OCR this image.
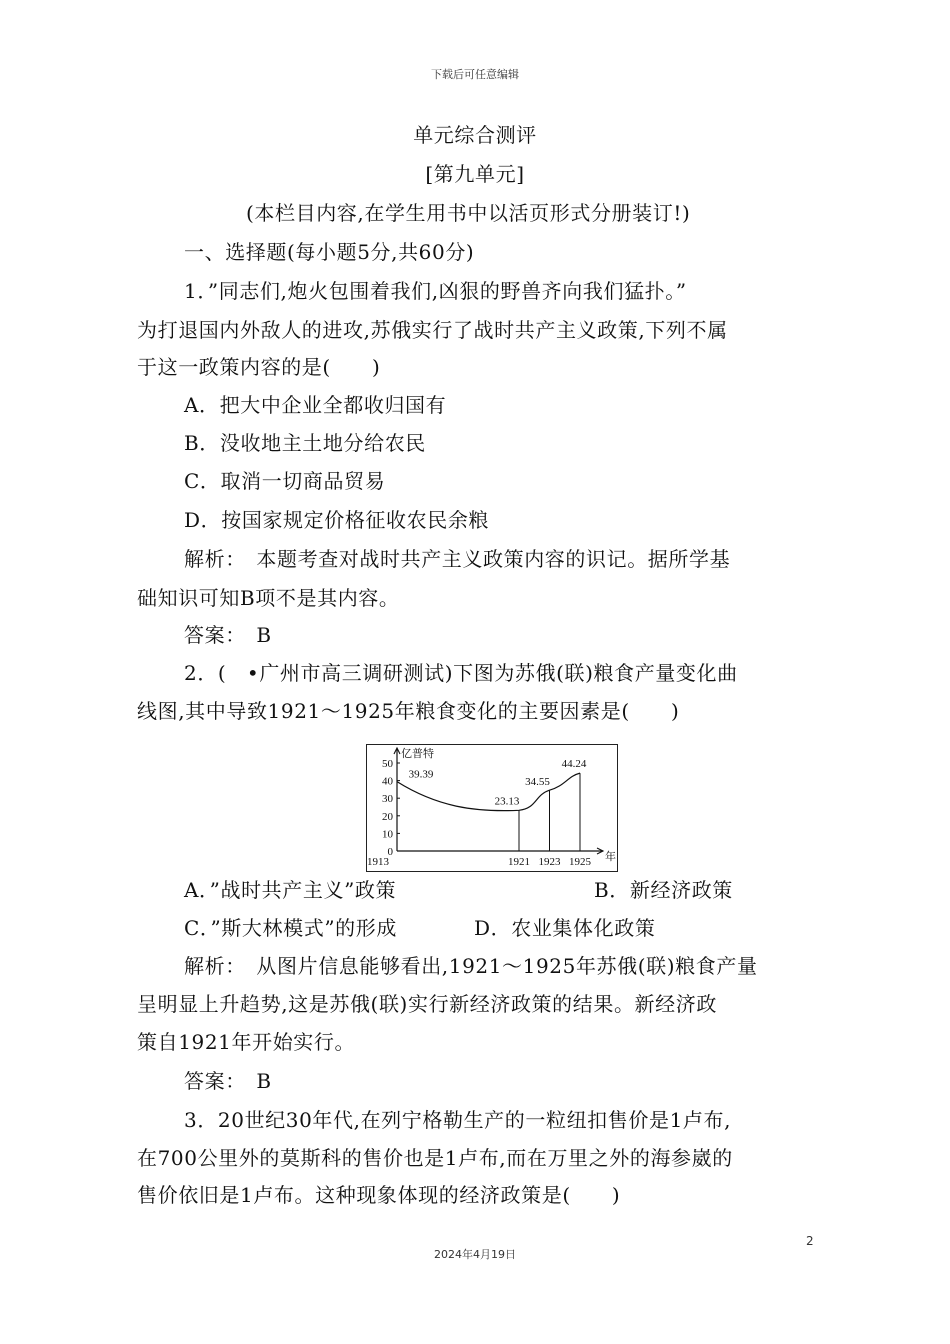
下载后可任意编辑
单元综合测评
[第九单元]
(本栏目内容,在学生用书中以活页形式分册装订!)
一、选择题(每小题5分,共60分)
1．”同志们,炮火包围着我们,凶狠的野兽齐向我们猛扑。”
为打退国内外敌人的进攻,苏俄实行了战时共产主义政策,下列不属
于这一政策内容的是(　　)
A．把大中企业全都收归国有
B．没收地主土地分给农民
C．取消一切商品贸易
D．按国家规定价格征收农民余粮
解析：　本题考查对战时共产主义政策内容的识记。据所学基
础知识可知B项不是其内容。
答案：　B
2．(　•广州市高三调研测试)下图为苏俄(联)粮食产量变化曲
线图,其中导致1921～1925年粮食变化的主要因素是(　　)
0
10
20
30
40
50
亿普特
年
1913	1921 1923 1925
39.39
23.13
34.55
44.24
A．”战时共产主义”政策	B．新经济政策
C．”斯大林模式”的形成	D．农业集体化政策
解析：　从图片信息能够看出,1921～1925年苏俄(联)粮食产量
呈明显上升趋势,这是苏俄(联)实行新经济政策的结果。新经济政
策自1921年开始实行。
答案：　B
3．20世纪30年代,在列宁格勒生产的一粒纽扣售价是1卢布,
在700公里外的莫斯科的售价也是1卢布,而在万里之外的海参崴的
售价依旧是1卢布。这种现象体现的经济政策是(　　)
2
2024年4月19日
